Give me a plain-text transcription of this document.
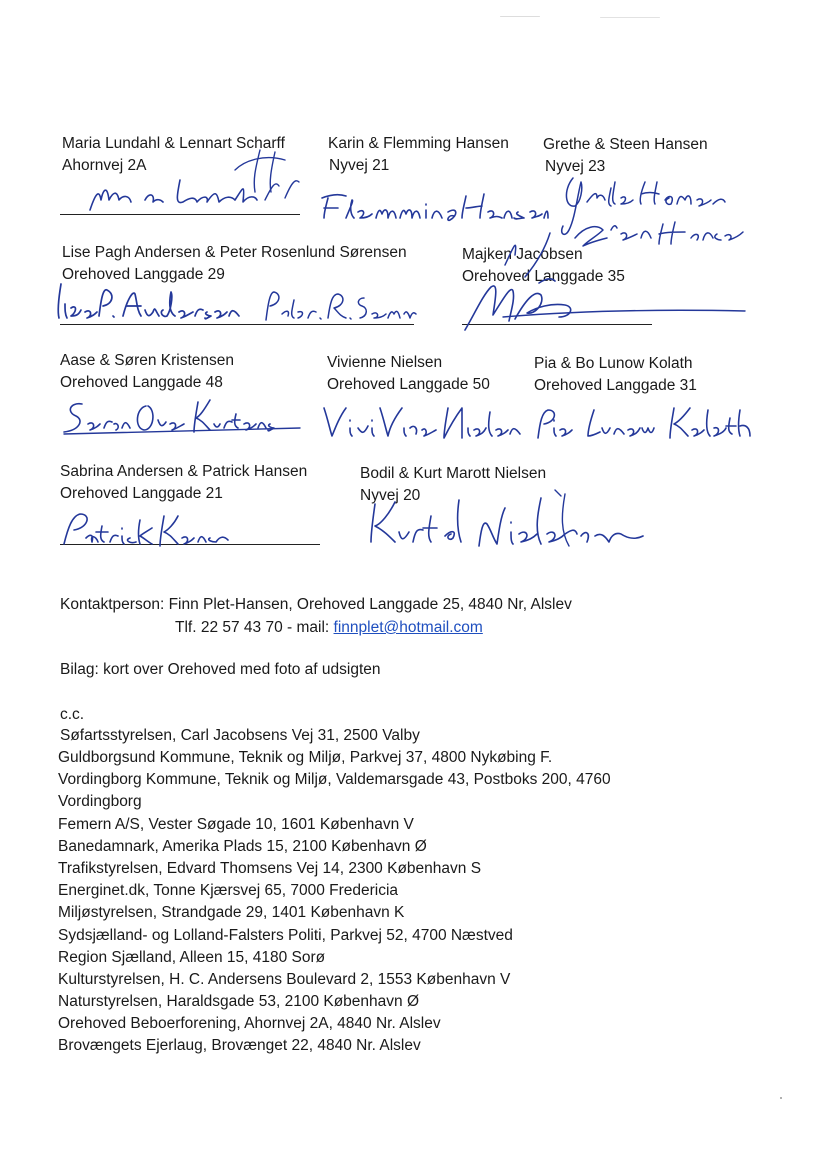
Maria Lundahl & Lennart Scharff
Ahornvej 2A
Karin & Flemming Hansen
Nyvej 21
Grethe & Steen Hansen
Nyvej 23
Lise Pagh Andersen & Peter Rosenlund Sørensen
Orehoved Langgade 29
Majken Jacobsen
Orehoved Langgade 35
Aase & Søren Kristensen
Orehoved Langgade 48
Vivienne Nielsen
Orehoved Langgade 50
Pia & Bo Lunow Kolath
Orehoved Langgade 31
Sabrina Andersen & Patrick Hansen
Orehoved Langgade 21
Bodil & Kurt Marott Nielsen
Nyvej 20
Kontaktperson: Finn Plet-Hansen, Orehoved Langgade 25, 4840 Nr, Alslev
Tlf. 22 57 43 70 - mail: finnplet@hotmail.com
Bilag: kort over Orehoved med foto af udsigten
c.c.
Søfartsstyrelsen, Carl Jacobsens Vej 31, 2500 Valby
Guldborgsund Kommune, Teknik og Miljø, Parkvej 37, 4800 Nykøbing F.
Vordingborg Kommune, Teknik og Miljø, Valdemarsgade 43, Postboks 200, 4760
Vordingborg
Femern A/S, Vester Søgade 10, 1601 København V
Banedamnark, Amerika Plads 15, 2100 København Ø
Trafikstyrelsen, Edvard Thomsens Vej 14, 2300 København S
Energinet.dk, Tonne Kjærsvej 65, 7000 Fredericia
Miljøstyrelsen, Strandgade 29, 1401 København K
Sydsjælland- og Lolland-Falsters Politi, Parkvej 52, 4700 Næstved
Region Sjælland, Alleen 15, 4180 Sorø
Kulturstyrelsen, H. C. Andersens Boulevard 2, 1553 København V
Naturstyrelsen, Haraldsgade 53, 2100 København Ø
Orehoved Beboerforening, Ahornvej 2A, 4840 Nr. Alslev
Brovængets Ejerlaug, Brovænget 22, 4840 Nr. Alslev
